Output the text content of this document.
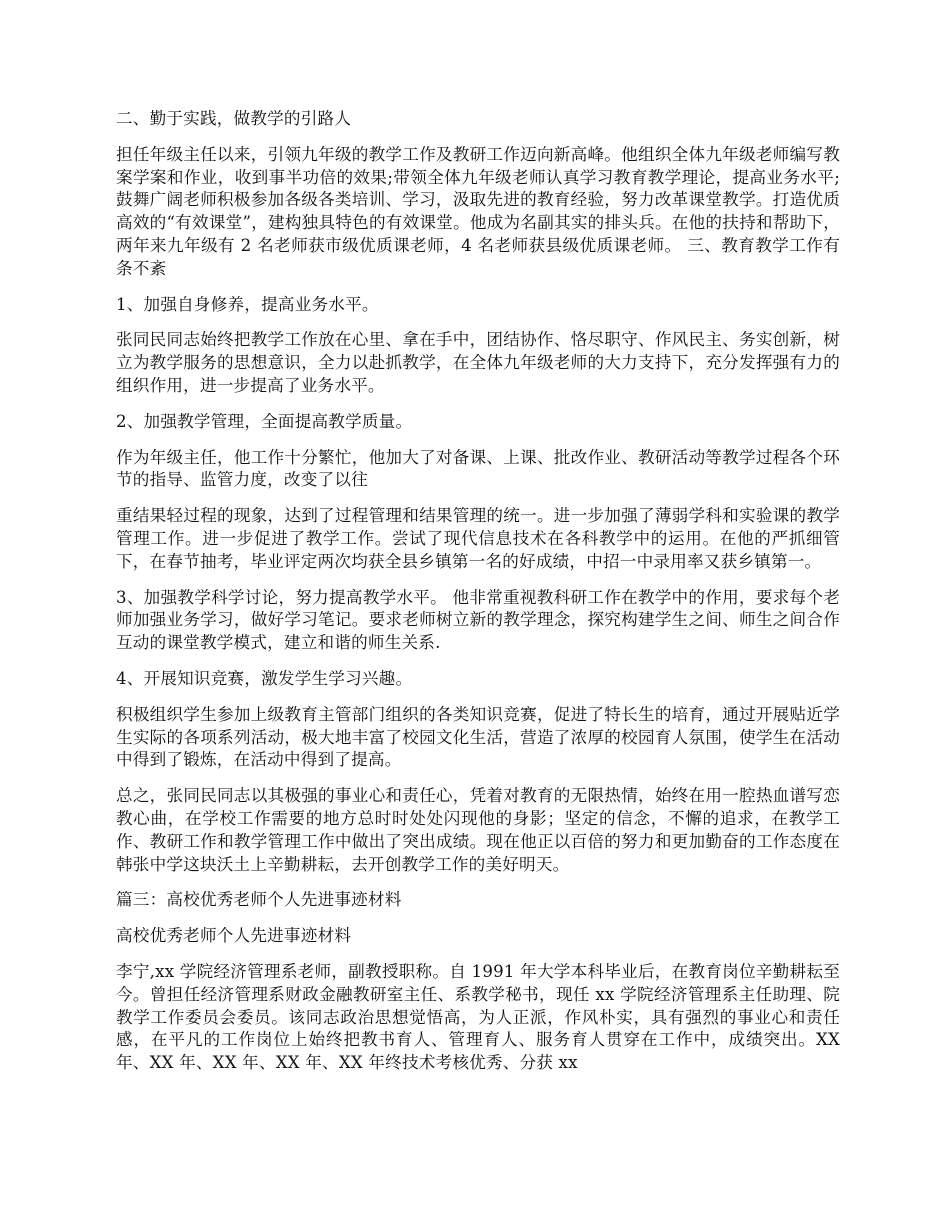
二、勤于实践，做教学的引路人

担任年级主任以来，引领九年级的教学工作及教研工作迈向新高峰。他组织全体九年级老师编写教案学案和作业，收到事半功倍的效果;带领全体九年级老师认真学习教育教学理论，提高业务水平;鼓舞广阔老师积极参加各级各类培训、学习，汲取先进的教育经验，努力改革课堂教学。打造优质高效的“有效课堂”，建构独具特色的有效课堂。他成为名副其实的排头兵。在他的扶持和帮助下，两年来九年级有 2 名老师获市级优质课老师，4 名老师获县级优质课老师。 三、教育教学工作有条不紊

1、加强自身修养，提高业务水平。

张同民同志始终把教学工作放在心里、拿在手中，团结协作、恪尽职守、作风民主、务实创新，树立为教学服务的思想意识，全力以赴抓教学，在全体九年级老师的大力支持下，充分发挥强有力的组织作用，进一步提高了业务水平。

2、加强教学管理，全面提高教学质量。

作为年级主任，他工作十分繁忙，他加大了对备课、上课、批改作业、教研活动等教学过程各个环节的指导、监管力度，改变了以往

重结果轻过程的现象，达到了过程管理和结果管理的统一。进一步加强了薄弱学科和实验课的教学管理工作。进一步促进了教学工作。尝试了现代信息技术在各科教学中的运用。在他的严抓细管下，在春节抽考，毕业评定两次均获全县乡镇第一名的好成绩，中招一中录用率又获乡镇第一。

3、加强教学科学讨论，努力提高教学水平。 他非常重视教科研工作在教学中的作用，要求每个老师加强业务学习，做好学习笔记。要求老师树立新的教学理念，探究构建学生之间、师生之间合作互动的课堂教学模式，建立和谐的师生关系.

4、开展知识竞赛，激发学生学习兴趣。

积极组织学生参加上级教育主管部门组织的各类知识竞赛，促进了特长生的培育，通过开展贴近学生实际的各项系列活动，极大地丰富了校园文化生活，营造了浓厚的校园育人氛围，使学生在活动中得到了锻炼，在活动中得到了提高。

总之，张同民同志以其极强的事业心和责任心，凭着对教育的无限热情，始终在用一腔热血谱写恋教心曲，在学校工作需要的地方总时时处处闪现他的身影；坚定的信念，不懈的追求，在教学工作、教研工作和教学管理工作中做出了突出成绩。现在他正以百倍的努力和更加勤奋的工作态度在韩张中学这块沃土上辛勤耕耘，去开创教学工作的美好明天。

篇三：高校优秀老师个人先进事迹材料

高校优秀老师个人先进事迹材料

李宁,xx 学院经济管理系老师，副教授职称。自 1991 年大学本科毕业后，在教育岗位辛勤耕耘至今。曾担任经济管理系财政金融教研室主任、系教学秘书，现任 xx 学院经济管理系主任助理、院教学工作委员会委员。该同志政治思想觉悟高，为人正派，作风朴实，具有强烈的事业心和责任感，在平凡的工作岗位上始终把教书育人、管理育人、服务育人贯穿在工作中，成绩突出。XX 年、XX 年、XX 年、XX 年、XX 年终技术考核优秀、分获 xx
